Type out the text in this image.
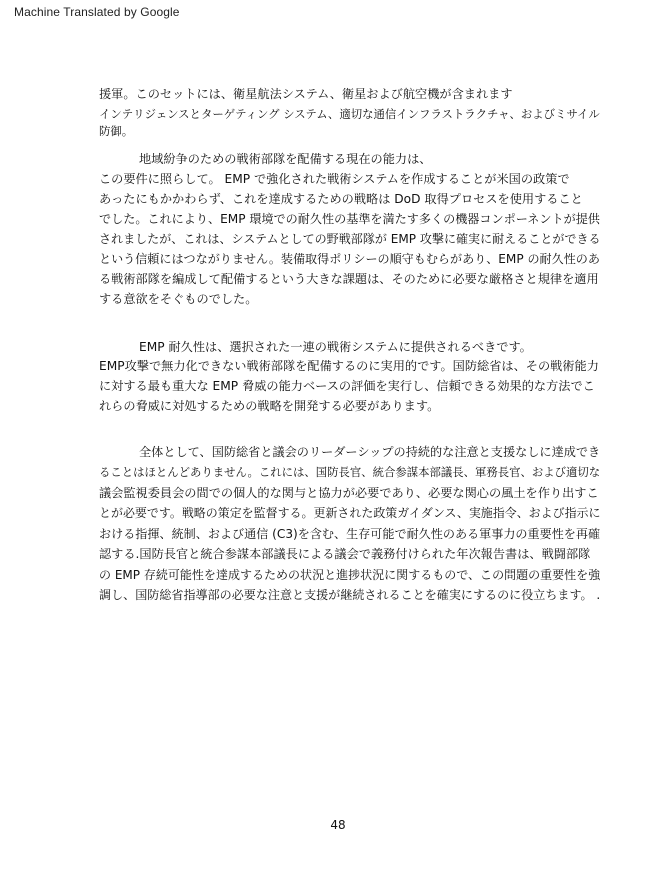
Machine Translated by Google
援軍。このセットには、衛星航法システム、衛星および航空機が含まれます
インテリジェンスとターゲティング システム、適切な通信インフラストラクチャ、およびミサイル
防御。
地域紛争のための戦術部隊を配備する現在の能力は、
この要件に照らして。 EMP で強化された戦術システムを作成することが米国の政策で
あったにもかかわらず、これを達成するための戦略は DoD 取得プロセスを使用すること
でした。これにより、EMP 環境での耐久性の基準を満たす多くの機器コンポーネントが提供
されましたが、これは、システムとしての野戦部隊が EMP 攻撃に確実に耐えることができる
という信頼にはつながりません。装備取得ポリシーの順守もむらがあり、EMP の耐久性のあ
る戦術部隊を編成して配備するという大きな課題は、そのために必要な厳格さと規律を適用
する意欲をそぐものでした。
EMP 耐久性は、選択された一連の戦術システムに提供されるべきです。
EMP攻撃で無力化できない戦術部隊を配備するのに実用的です。国防総省は、その戦術能力
に対する最も重大な EMP 脅威の能力ベースの評価を実行し、信頼できる効果的な方法でこ
れらの脅威に対処するための戦略を開発する必要があります。
全体として、国防総省と議会のリーダーシップの持続的な注意と支援なしに達成でき
ることはほとんどありません。これには、国防長官、統合参謀本部議長、軍務長官、および適切な
議会監視委員会の間での個人的な関与と協力が必要であり、必要な関心の風土を作り出すこ
とが必要です。戦略の策定を監督する。更新された政策ガイダンス、実施指令、および指示に
おける指揮、統制、および通信 (C3)を含む、生存可能で耐久性のある軍事力の重要性を再確
認する.国防長官と統合参謀本部議長による議会で義務付けられた年次報告書は、戦闘部隊
の EMP 存続可能性を達成するための状況と進捗状況に関するもので、この問題の重要性を強
調し、国防総省指導部の必要な注意と支援が継続されることを確実にするのに役立ちます。 .
48
